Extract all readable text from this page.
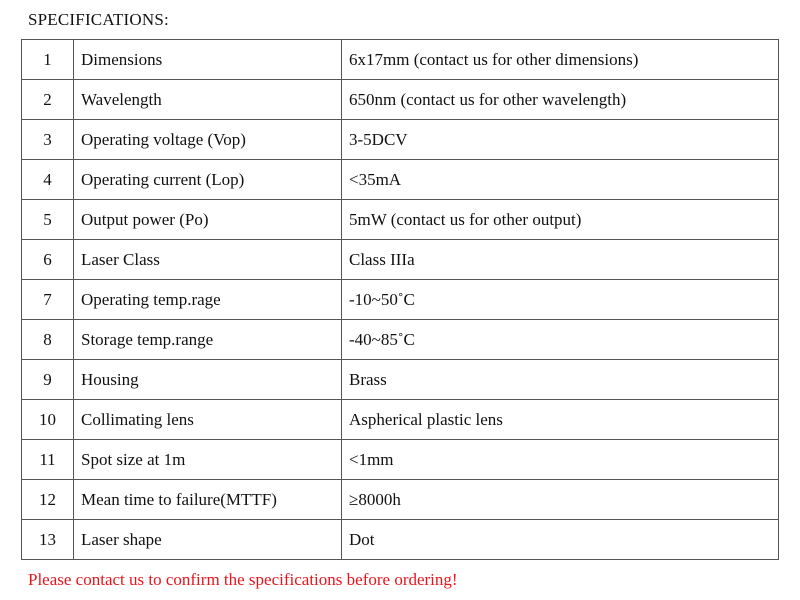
SPECIFICATIONS:
1	Dimensions	6x17mm (contact us for other dimensions)
2	Wavelength	650nm (contact us for other wavelength)
3	Operating voltage (Vop)	3-5DCV
4	Operating current (Lop)	<35mA
5	Output power (Po)	5mW (contact us for other output)
6	Laser Class	Class IIIa
7	Operating temp.rage	-10~50˚C
8	Storage temp.range	-40~85˚C
9	Housing	Brass
10	Collimating lens	Aspherical plastic lens
11	Spot size at 1m	<1mm
12	Mean time to failure(MTTF)	≥8000h
13	Laser shape	Dot
Please contact us to confirm the specifications before ordering!
